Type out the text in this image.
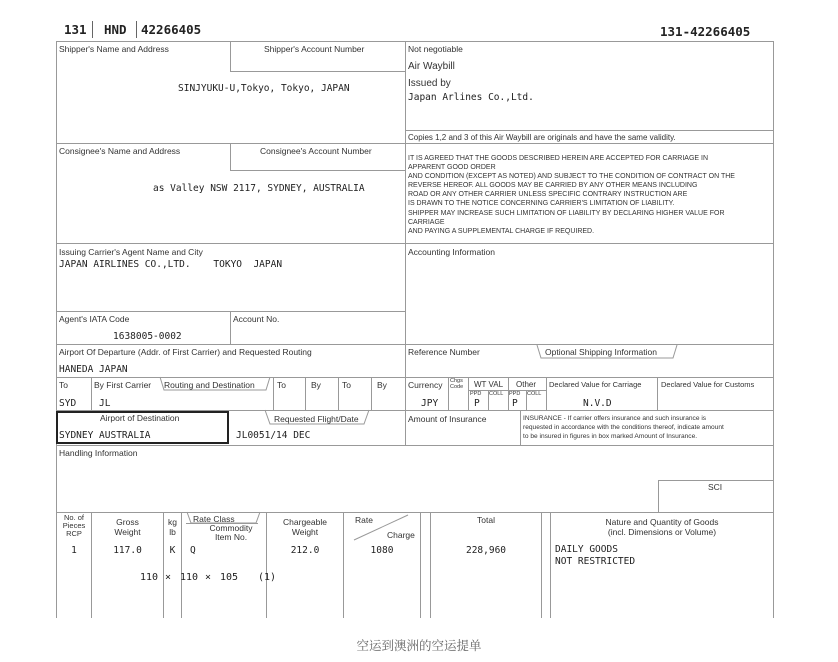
131 HND 42266405	131-42266405
Shipper's Name and Address	Shipper's Account Number
SINJYUKU-U,Tokyo, Tokyo, JAPAN
Not negotiable
Air Waybill
Issued by
Japan Arlines Co.,Ltd.
Copies 1,2 and 3 of this Air Waybill are originals and have the same validity.
Consignee's Name and Address	Consignee's Account Number
as Valley NSW 2117, SYDNEY, AUSTRALIA
IT IS AGREED THAT THE GOODS DESCRIBED HEREIN ARE ACCEPTED FOR CARRIAGE IN
APPARENT GOOD ORDER
AND CONDITION (EXCEPT AS NOTED) AND SUBJECT TO THE CONDITION OF CONTRACT ON THE
REVERSE HEREOF. ALL GOODS MAY BE CARRIED BY ANY OTHER MEANS INCLUDING
ROAD OR ANY OTHER CARRIER UNLESS SPECIFIC CONTRARY INSTRUCTION ARE
IS DRAWN TO THE NOTICE CONCERNING CARRIER'S LIMITATION OF LIABILITY.
SHIPPER MAY INCREASE SUCH LIMITATION OF LIABILITY BY DECLARING HIGHER VALUE FOR
CARRIAGE
AND PAYING A SUPPLEMENTAL CHARGE IF REQUIRED.
Issuing Carrier's Agent Name and City
JAPAN AIRLINES CO.,LTD.    TOKYO  JAPAN
Accounting Information
Agent's IATA Code
1638005-0002
Account No.
Airport Of Departure (Addr. of First Carrier) and Requested Routing
HANEDA JAPAN
Reference Number	Optional Shipping Information
To	By First Carrier Routing and Destination	To	By To	By
SYD JL
Currency Chgs
Code WT VAL Other
PPD COLL PPD COLL
JPY	P	P
Declared Value for Carriage	Declared Value for Customs
N.V.D
Airport of Destination
SYDNEY AUSTRALIA
Requested Flight/Date
JL0051/14 DEC
Amount of Insurance	INSURANCE - If carrier offers insurance and such insurance is
requested in accordance with the conditions thereof, indicate amount
to be insured in figures in box marked Amount of Insurance.
Handling Information
SCI
No. of
Pieces
RCP
Gross
Weight
kg
lb
Rate Class
Commodity
Item No.
Chargeable
Weight
Rate
Charge
Total	Nature and Quantity of Goods
(incl. Dimensions or Volume)
1	117.0	K	Q	212.0	1080	228,960	DAILY GOODS
NOT RESTRICTED
110 × 110 × 105 (1)
空运到澳洲的空运提单
